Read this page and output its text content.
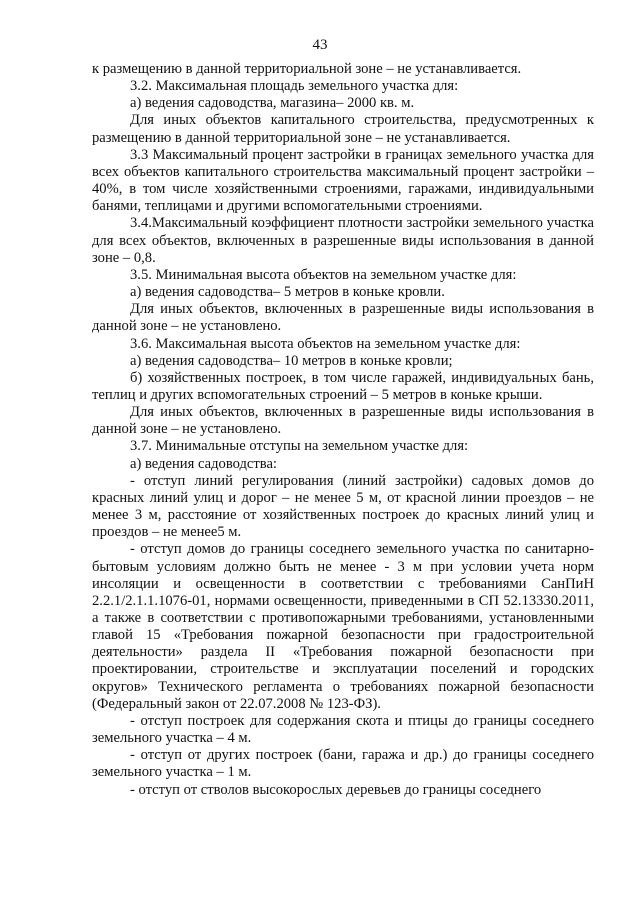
43

к размещению в данной территориальной зоне – не устанавливается.

3.2. Максимальная площадь земельного участка для:

а) ведения садоводства, магазина– 2000 кв. м.

Для иных объектов капитального строительства, предусмотренных к размещению в данной территориальной зоне – не устанавливается.

3.3 Максимальный процент застройки в границах земельного участка для всех объектов капитального строительства максимальный процент застройки – 40%, в том числе хозяйственными строениями, гаражами, индивидуальными банями, теплицами и другими вспомогательными строениями.

3.4.Максимальный коэффициент плотности застройки земельного участка для всех объектов, включенных в разрешенные виды использования в данной зоне – 0,8.

3.5. Минимальная высота объектов на земельном участке для:

а) ведения садоводства– 5 метров в коньке кровли.

Для иных объектов, включенных в разрешенные виды использования в данной зоне – не установлено.

3.6. Максимальная высота объектов на земельном участке для:

а) ведения садоводства– 10 метров в коньке кровли;

б) хозяйственных построек, в том числе гаражей, индивидуальных бань, теплиц и других вспомогательных строений – 5 метров в коньке крыши.

Для иных объектов, включенных в разрешенные виды использования в данной зоне – не установлено.

3.7. Минимальные отступы на земельном участке для:

а) ведения садоводства:

- отступ линий регулирования (линий застройки) садовых домов до красных линий улиц и дорог – не менее 5 м, от красной линии проездов – не менее 3 м, расстояние от хозяйственных построек до красных линий улиц и проездов – не менее5 м.

- отступ домов до границы соседнего земельного участка по санитарно-бытовым условиям должно быть не менее - 3 м при условии учета норм инсоляции и освещенности в соответствии с требованиями СанПиН 2.2.1/2.1.1.1076-01, нормами освещенности, приведенными в СП 52.13330.2011, а также в соответствии с противопожарными требованиями, установленными главой 15 «Требования пожарной безопасности при градостроительной деятельности» раздела II «Требования пожарной безопасности при проектировании, строительстве и эксплуатации поселений и городских округов» Технического регламента о требованиях пожарной безопасности (Федеральный закон от 22.07.2008 № 123-ФЗ).

- отступ построек для содержания скота и птицы до границы соседнего земельного участка – 4 м.

- отступ от других построек (бани, гаража и др.) до границы соседнего земельного участка – 1 м.

- отступ от стволов высокорослых деревьев до границы соседнего
